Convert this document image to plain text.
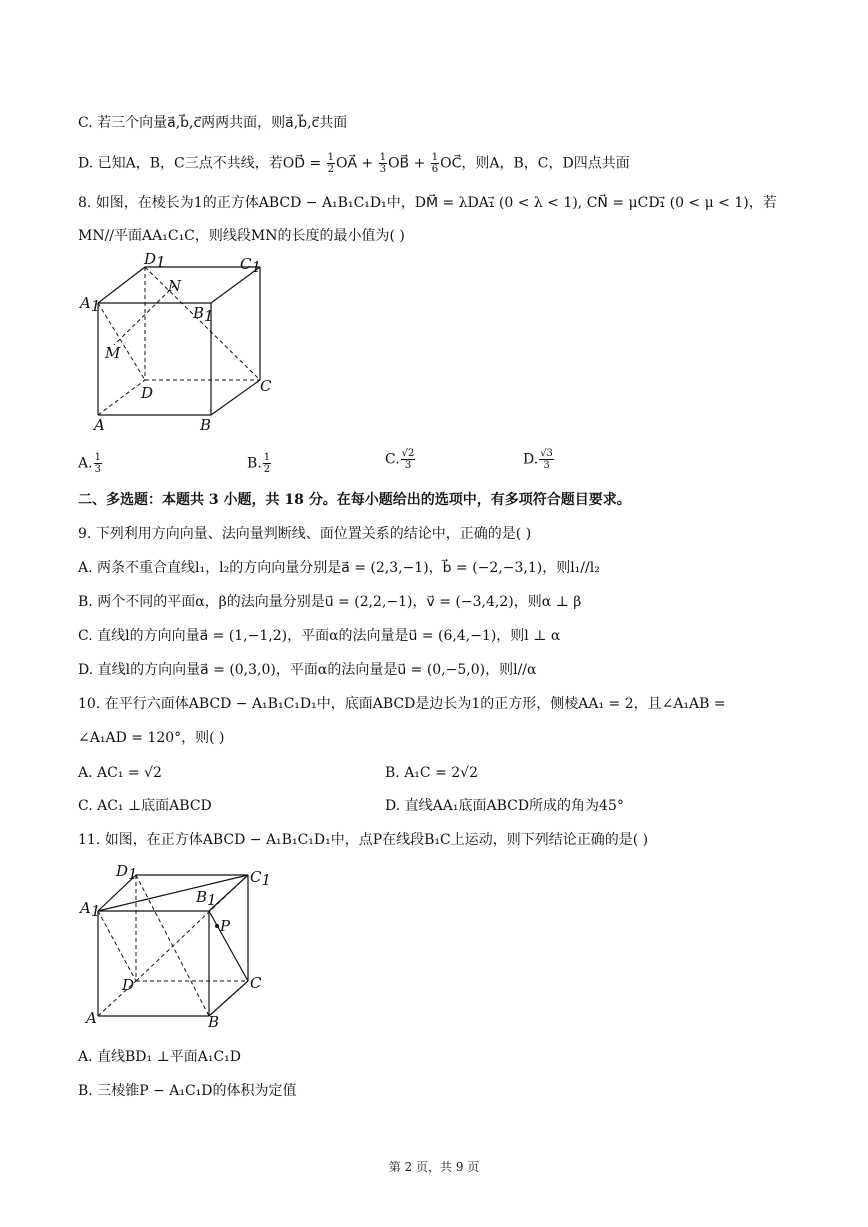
C. 若三个向量a⃗,b⃗,c⃗两两共面，则a⃗,b⃗,c⃗共面
D. 已知A，B，C三点不共线，若OD⃗ = $\frac{1}{2}$ OA⃗ + $\frac{1}{3}$ OB⃗ + $\frac{1}{6}$ OC⃗，则A，B，C，D四点共面
8. 如图，在棱长为1的正方体ABCD − A₁B₁C₁D₁中，DM⃗ = λDA₁⃗ (0 < λ < 1), CN⃗ = μCD₁⃗ (0 < μ < 1)，若
MN//平面AA₁C₁C，则线段MN的长度的最小值为( )
D1	C1
A1	B1
N
M
D	C
A	B
A. $\frac{1}{3}$	B. $\frac{1}{2}$	C. $\frac{√2}{3}$	D. $\frac{√3}{3}$
二、多选题：本题共 3 小题，共 18 分。在每小题给出的选项中，有多项符合题目要求。
9. 下列利用方向向量、法向量判断线、面位置关系的结论中，正确的是( )
A. 两条不重合直线l₁，l₂的方向向量分别是a⃗ = (2,3,−1)，b⃗ = (−2,−3,1)，则l₁//l₂
B. 两个不同的平面α，β的法向量分别是u⃗ = (2,2,−1)，v⃗ = (−3,4,2)，则α ⊥ β
C. 直线l的方向向量a⃗ = (1,−1,2)，平面α的法向量是u⃗ = (6,4,−1)，则l ⊥ α
D. 直线l的方向向量a⃗ = (0,3,0)，平面α的法向量是u⃗ = (0,−5,0)，则l//α
10. 在平行六面体ABCD − A₁B₁C₁D₁中，底面ABCD是边长为1的正方形，侧棱AA₁ = 2，且∠A₁AB =
∠A₁AD = 120°，则( )
A. AC₁ = √2	B. A₁C = 2√2
C. AC₁ ⊥底面ABCD	D. 直线AA₁底面ABCD所成的角为45°
11. 如图，在正方体ABCD − A₁B₁C₁D₁中，点P在线段B₁C上运动，则下列结论正确的是( )
D1	C1
A1
B1
P
D	C
A	B
A. 直线BD₁ ⊥平面A₁C₁D
B. 三棱锥P − A₁C₁D的体积为定值
第 2 页，共 9 页
